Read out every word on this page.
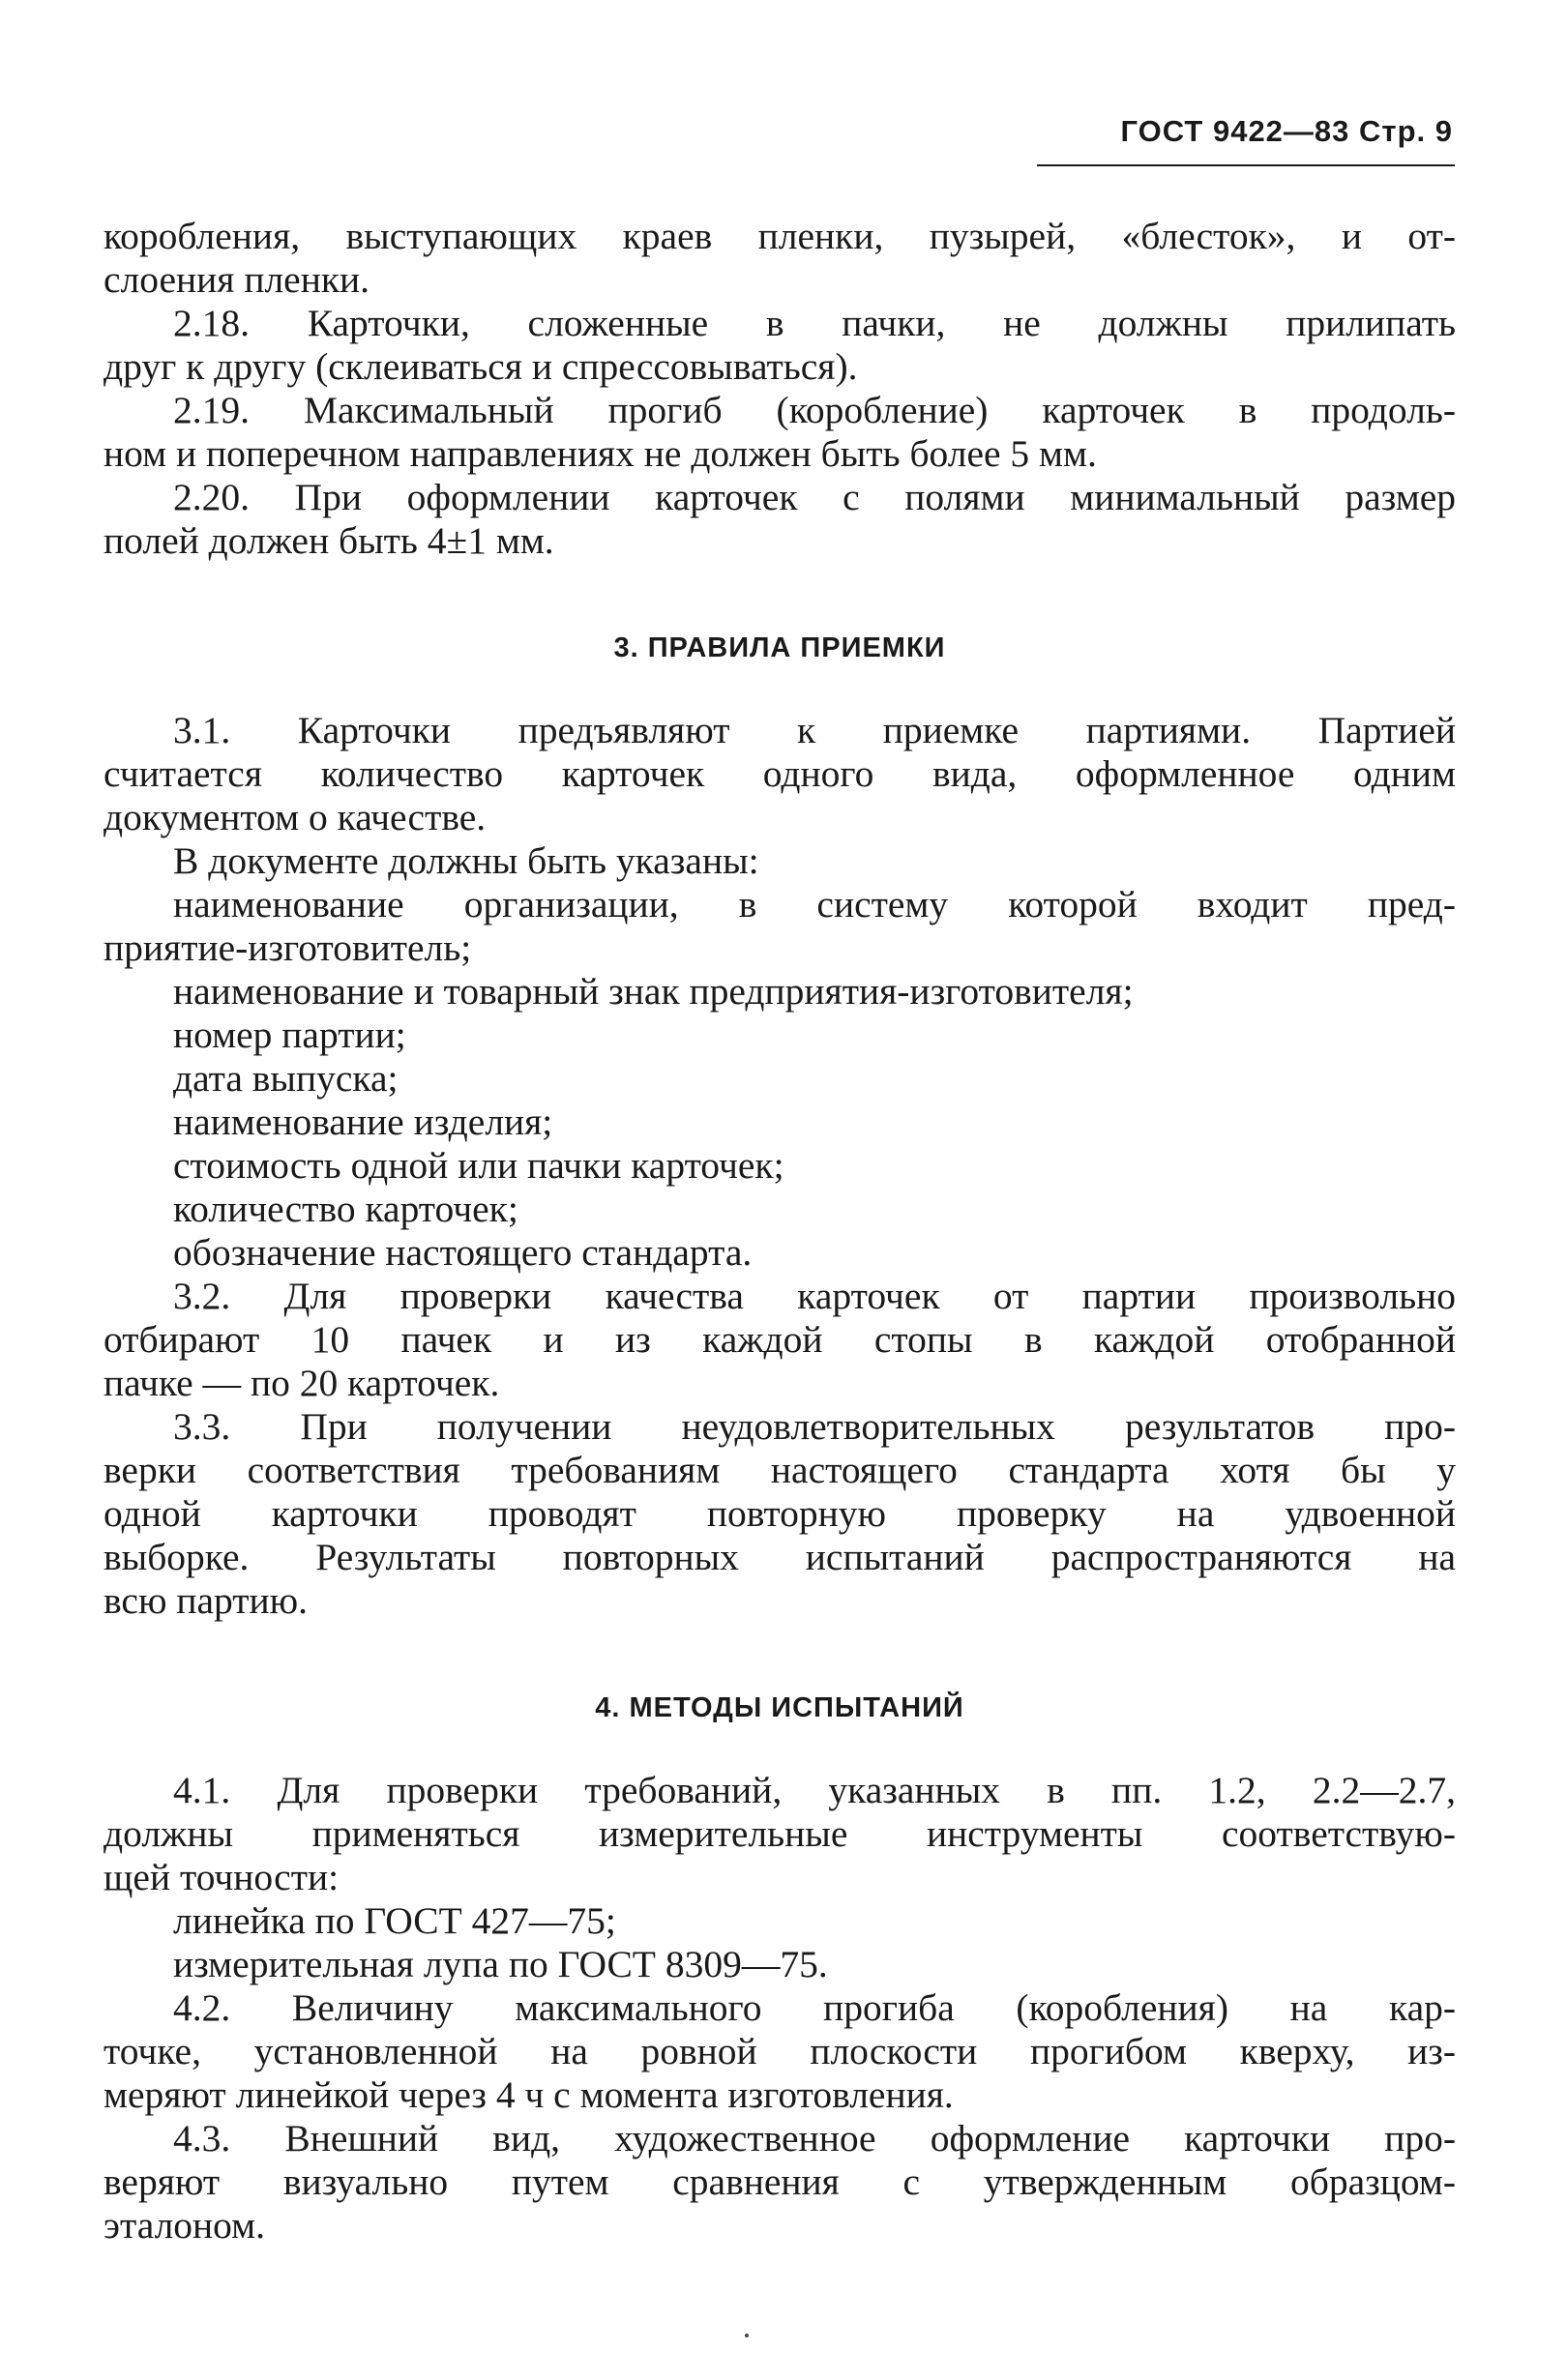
ГОСТ 9422—83 Стр. 9
коробления, выступающих краев пленки, пузырей, «блесток», и от-
слоения пленки.
2.18. Карточки, сложенные в пачки, не должны прилипать
друг к другу (склеиваться и спрессовываться).
2.19. Максимальный прогиб (коробление) карточек в продоль-
ном и поперечном направлениях не должен быть более 5 мм.
2.20. При оформлении карточек с полями минимальный размер
полей должен быть 4±1 мм.
3. ПРАВИЛА ПРИЕМКИ
3.1. Карточки предъявляют к приемке партиями. Партией
считается количество карточек одного вида, оформленное одним
документом о качестве.
В документе должны быть указаны:
наименование организации, в систему которой входит пред-
приятие-изготовитель;
наименование и товарный знак предприятия-изготовителя;
номер партии;
дата выпуска;
наименование изделия;
стоимость одной или пачки карточек;
количество карточек;
обозначение настоящего стандарта.
3.2. Для проверки качества карточек от партии произвольно
отбирают 10 пачек и из каждой стопы в каждой отобранной
пачке — по 20 карточек.
3.3. При получении неудовлетворительных результатов про-
верки соответствия требованиям настоящего стандарта хотя бы у
одной карточки проводят повторную проверку на удвоенной
выборке. Результаты повторных испытаний распространяются на
всю партию.
4. МЕТОДЫ ИСПЫТАНИЙ
4.1. Для проверки требований, указанных в пп. 1.2, 2.2—2.7,
должны применяться измерительные инструменты соответствую-
щей точности:
линейка по ГОСТ 427—75;
измерительная лупа по ГОСТ 8309—75.
4.2. Величину максимального прогиба (коробления) на кар-
точке, установленной на ровной плоскости прогибом кверху, из-
меряют линейкой через 4 ч с момента изготовления.
4.3. Внешний вид, художественное оформление карточки про-
веряют визуально путем сравнения с утвержденным образцом-
эталоном.
